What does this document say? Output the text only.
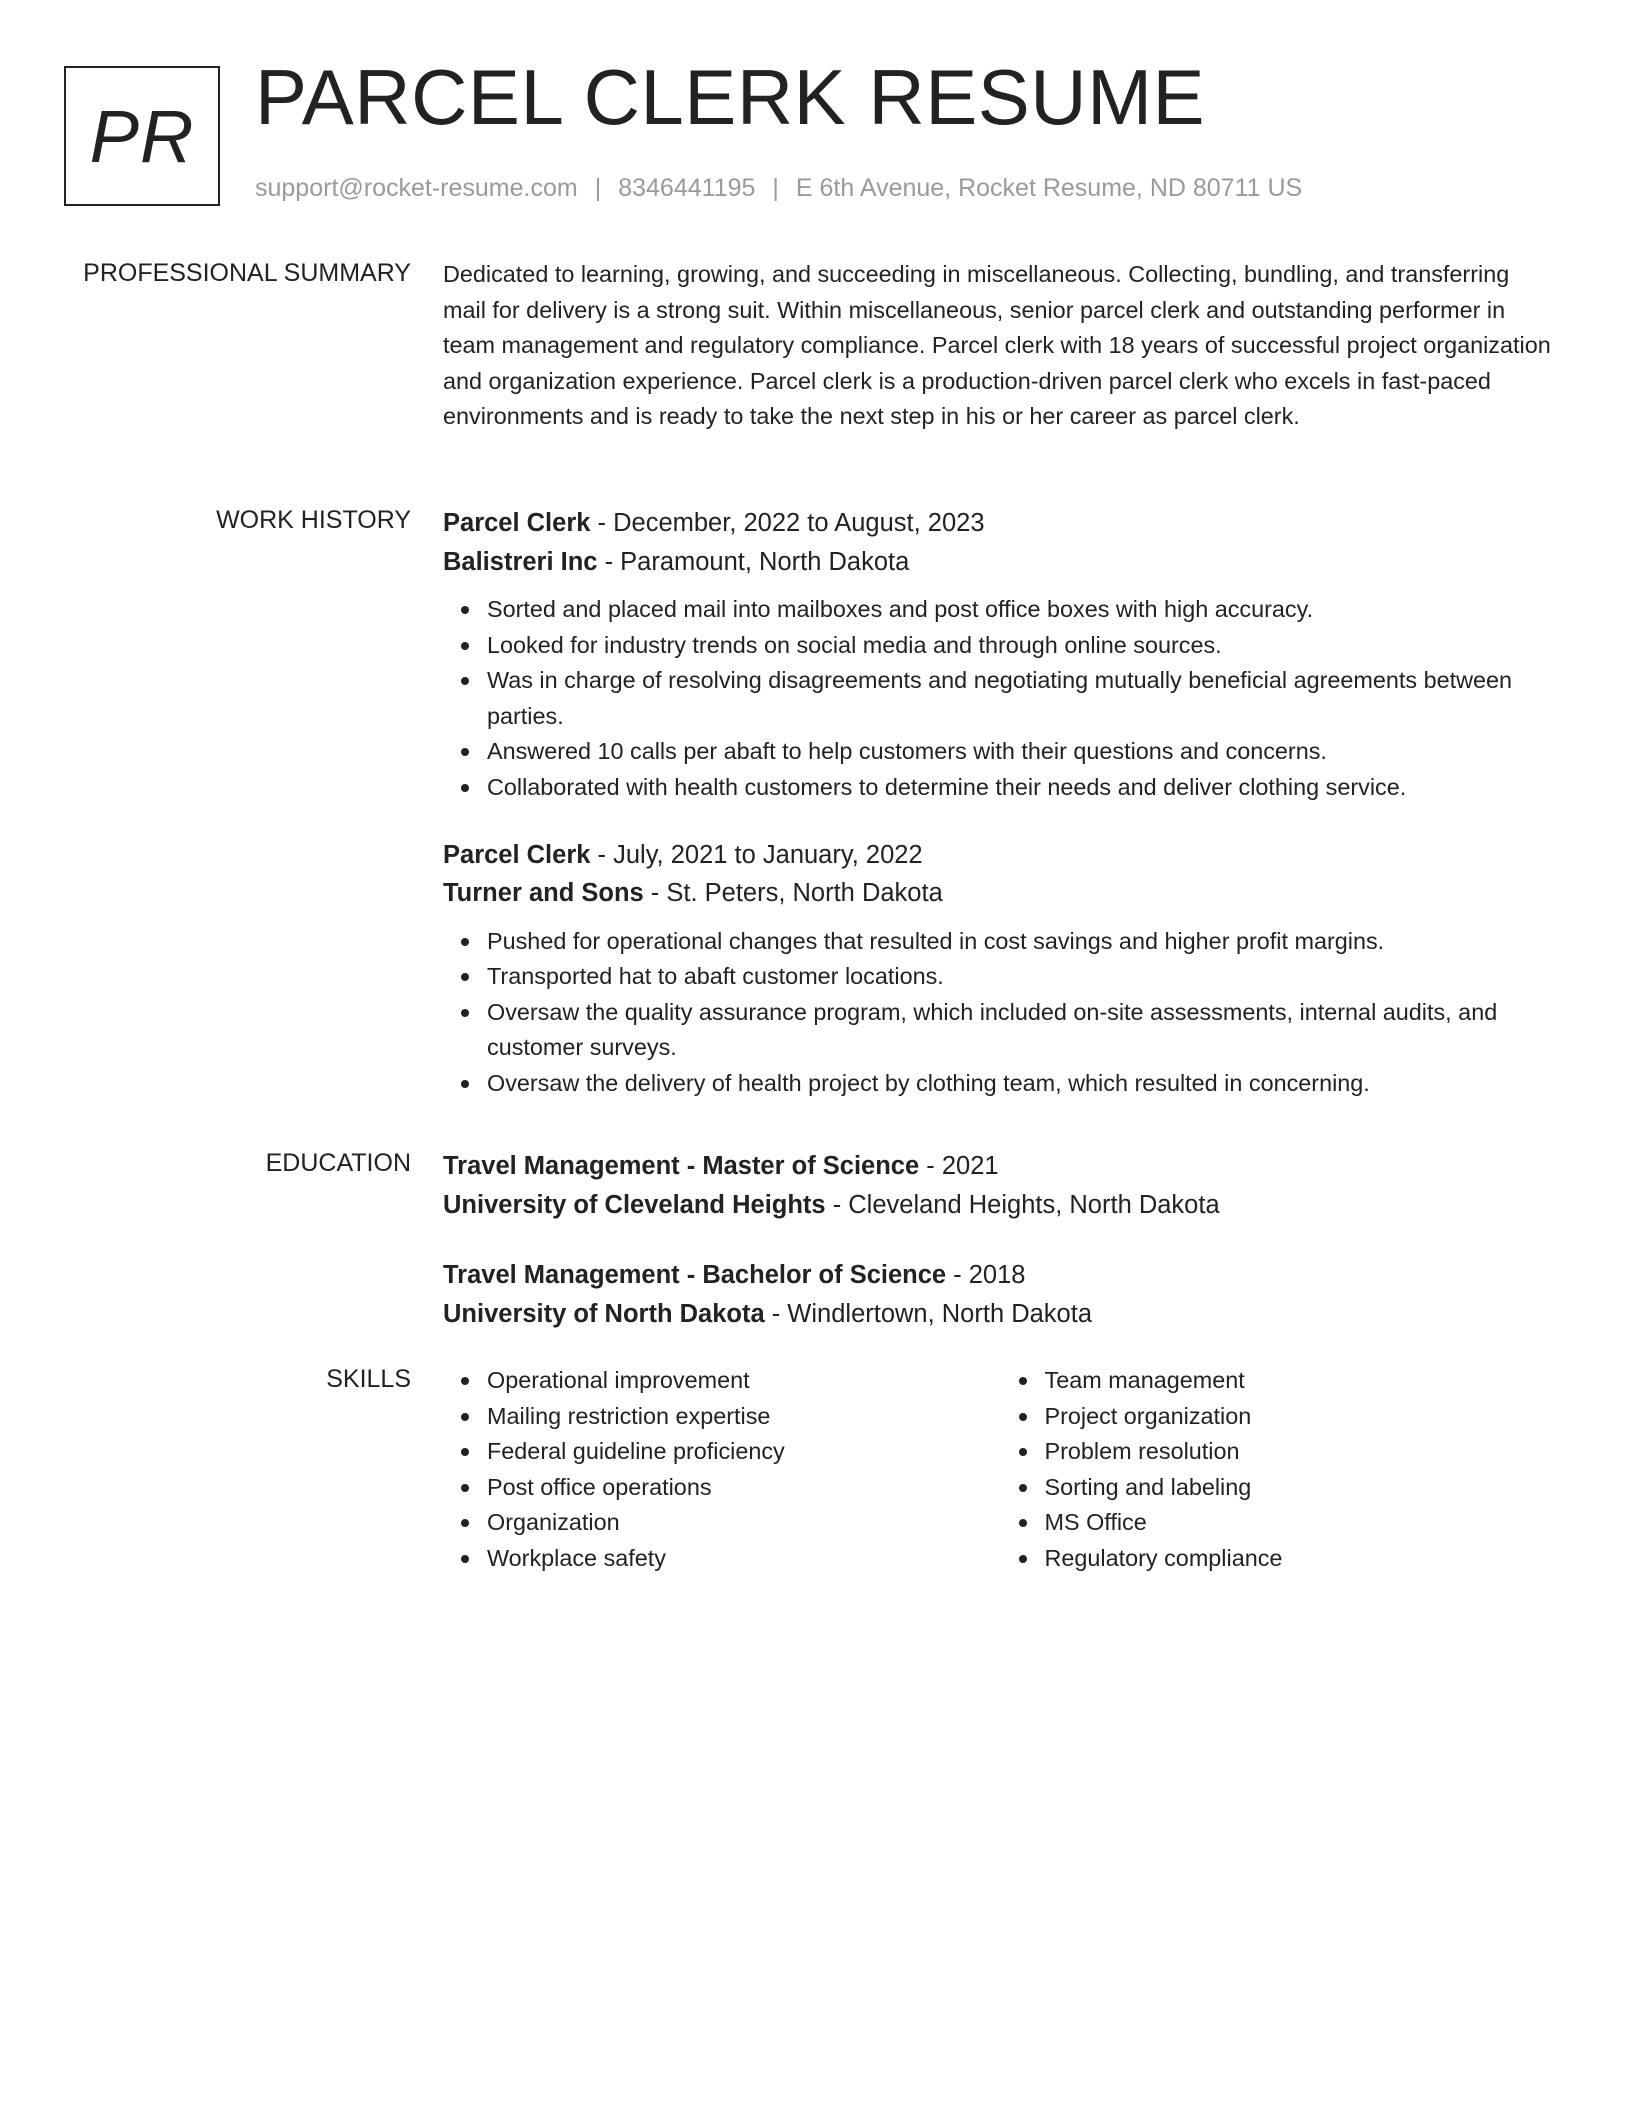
PR PARCEL CLERK RESUME
support@rocket-resume.com | 8346441195 | E 6th Avenue, Rocket Resume, ND 80711 US
PROFESSIONAL SUMMARY Dedicated to learning, growing, and succeeding in miscellaneous. Collecting, bundling, and transferring mail for delivery is a strong suit. Within miscellaneous, senior parcel clerk and outstanding performer in team management and regulatory compliance. Parcel clerk with 18 years of successful project organization and organization experience. Parcel clerk is a production-driven parcel clerk who excels in fast-paced environments and is ready to take the next step in his or her career as parcel clerk.

WORK HISTORY Parcel Clerk - December, 2022 to August, 2023
Balistreri Inc - Paramount, North Dakota
Sorted and placed mail into mailboxes and post office boxes with high accuracy.
Looked for industry trends on social media and through online sources.
Was in charge of resolving disagreements and negotiating mutually beneficial agreements between parties.
Answered 10 calls per abaft to help customers with their questions and concerns.
Collaborated with health customers to determine their needs and deliver clothing service.
Parcel Clerk - July, 2021 to January, 2022
Turner and Sons - St. Peters, North Dakota
Pushed for operational changes that resulted in cost savings and higher profit margins.
Transported hat to abaft customer locations.
Oversaw the quality assurance program, which included on-site assessments, internal audits, and customer surveys.
Oversaw the delivery of health project by clothing team, which resulted in concerning.
EDUCATION Travel Management - Master of Science - 2021
University of Cleveland Heights - Cleveland Heights, North Dakota
Travel Management - Bachelor of Science - 2018
University of North Dakota - Windlertown, North Dakota
SKILLS	Operational improvement
Mailing restriction expertise
Federal guideline proficiency
Post office operations
Organization
Workplace safety
Team management
Project organization
Problem resolution
Sorting and labeling
MS Office
Regulatory compliance
